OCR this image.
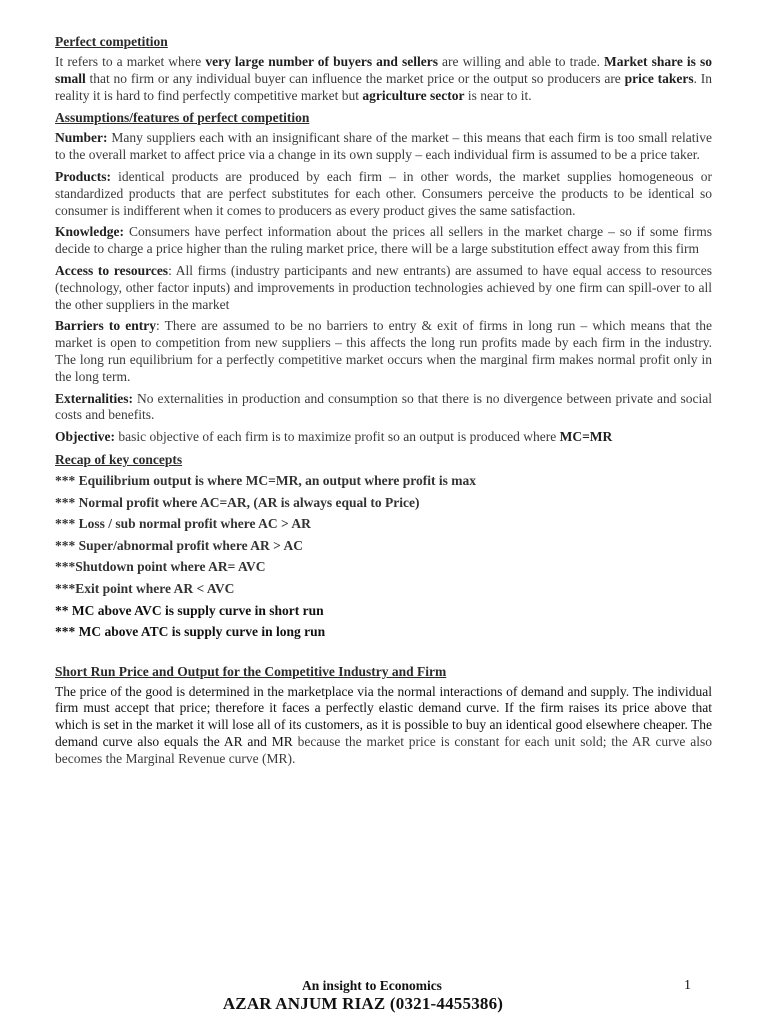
Perfect competition

It refers to a market where very large number of buyers and sellers are willing and able to trade. Market share is so small that no firm or any individual buyer can influence the market price or the output so producers are price takers. In reality it is hard to find perfectly competitive market but agriculture sector is near to it.

Assumptions/features of perfect competition

Number: Many suppliers each with an insignificant share of the market – this means that each firm is too small relative to the overall market to affect price via a change in its own supply – each individual firm is assumed to be a price taker.

Products: identical products are produced by each firm – in other words, the market supplies homogeneous or standardized products that are perfect substitutes for each other. Consumers perceive the products to be identical so consumer is indifferent when it comes to producers as every product gives the same satisfaction.

Knowledge: Consumers have perfect information about the prices all sellers in the market charge – so if some firms decide to charge a price higher than the ruling market price, there will be a large substitution effect away from this firm

Access to resources: All firms (industry participants and new entrants) are assumed to have equal access to resources (technology, other factor inputs) and improvements in production technologies achieved by one firm can spill-over to all the other suppliers in the market

Barriers to entry: There are assumed to be no barriers to entry & exit of firms in long run – which means that the market is open to competition from new suppliers – this affects the long run profits made by each firm in the industry. The long run equilibrium for a perfectly competitive market occurs when the marginal firm makes normal profit only in the long term.

Externalities: No externalities in production and consumption so that there is no divergence between private and social costs and benefits.

Objective: basic objective of each firm is to maximize profit so an output is produced where MC=MR

Recap of key concepts
*** Equilibrium output is where MC=MR, an output where profit is max
*** Normal profit where AC=AR, (AR is always equal to Price)
*** Loss / sub normal profit where AC > AR
*** Super/abnormal profit where AR > AC
***Shutdown point where AR= AVC
***Exit point where AR < AVC
** MC above AVC is supply curve in short run
*** MC above ATC is supply curve in long run
Short Run Price and Output for the Competitive Industry and Firm

The price of the good is determined in the marketplace via the normal interactions of demand and supply. The individual firm must accept that price; therefore it faces a perfectly elastic demand curve. If the firm raises its price above that which is set in the market it will lose all of its customers, as it is possible to buy an identical good elsewhere cheaper. The demand curve also equals the AR and MR because the market price is constant for each unit sold; the AR curve also becomes the Marginal Revenue curve (MR).

An insight to Economics	1
AZAR ANJUM RIAZ (0321-4455386)
